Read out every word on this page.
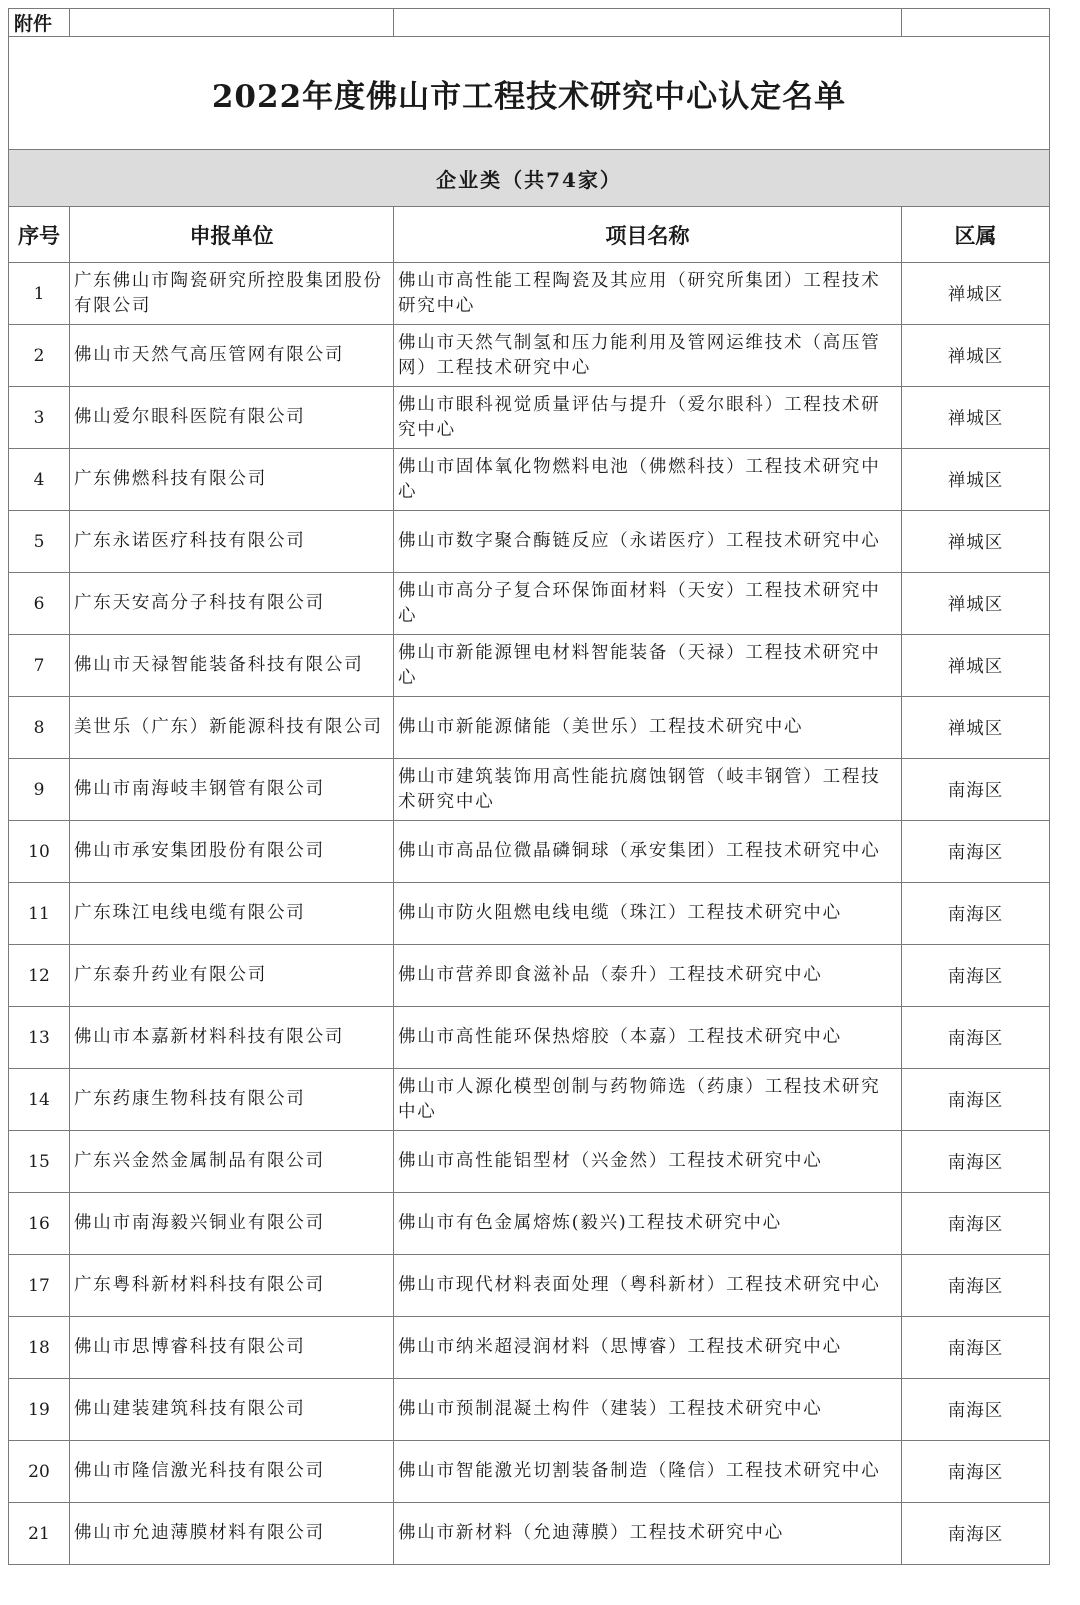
附件			
2022年度佛山市工程技术研究中心认定名单			
企业类（共74家）			
序号	申报单位	项目名称	区属
1	广东佛山市陶瓷研究所控股集团股份有限公司	佛山市高性能工程陶瓷及其应用（研究所集团）工程技术研究中心	禅城区
2	佛山市天然气高压管网有限公司	佛山市天然气制氢和压力能利用及管网运维技术（高压管网）工程技术研究中心	禅城区
3	佛山爱尔眼科医院有限公司	佛山市眼科视觉质量评估与提升（爱尔眼科）工程技术研究中心	禅城区
4	广东佛燃科技有限公司	佛山市固体氧化物燃料电池（佛燃科技）工程技术研究中心	禅城区
5	广东永诺医疗科技有限公司	佛山市数字聚合酶链反应（永诺医疗）工程技术研究中心	禅城区
6	广东天安高分子科技有限公司	佛山市高分子复合环保饰面材料（天安）工程技术研究中心	禅城区
7	佛山市天禄智能装备科技有限公司	佛山市新能源锂电材料智能装备（天禄）工程技术研究中心	禅城区
8	美世乐（广东）新能源科技有限公司	佛山市新能源储能（美世乐）工程技术研究中心	禅城区
9	佛山市南海岐丰钢管有限公司	佛山市建筑装饰用高性能抗腐蚀钢管（岐丰钢管）工程技术研究中心	南海区
10	佛山市承安集团股份有限公司	佛山市高品位微晶磷铜球（承安集团）工程技术研究中心	南海区
11	广东珠江电线电缆有限公司	佛山市防火阻燃电线电缆（珠江）工程技术研究中心	南海区
12	广东泰升药业有限公司	佛山市营养即食滋补品（泰升）工程技术研究中心	南海区
13	佛山市本嘉新材料科技有限公司	佛山市高性能环保热熔胶（本嘉）工程技术研究中心	南海区
14	广东药康生物科技有限公司	佛山市人源化模型创制与药物筛选（药康）工程技术研究中心	南海区
15	广东兴金然金属制品有限公司	佛山市高性能铝型材（兴金然）工程技术研究中心	南海区
16	佛山市南海毅兴铜业有限公司	佛山市有色金属熔炼(毅兴)工程技术研究中心	南海区
17	广东粤科新材料科技有限公司	佛山市现代材料表面处理（粤科新材）工程技术研究中心	南海区
18	佛山市思博睿科技有限公司	佛山市纳米超浸润材料（思博睿）工程技术研究中心	南海区
19	佛山建装建筑科技有限公司	佛山市预制混凝土构件（建装）工程技术研究中心	南海区
20	佛山市隆信激光科技有限公司	佛山市智能激光切割装备制造（隆信）工程技术研究中心	南海区
21	佛山市允迪薄膜材料有限公司	佛山市新材料（允迪薄膜）工程技术研究中心	南海区
